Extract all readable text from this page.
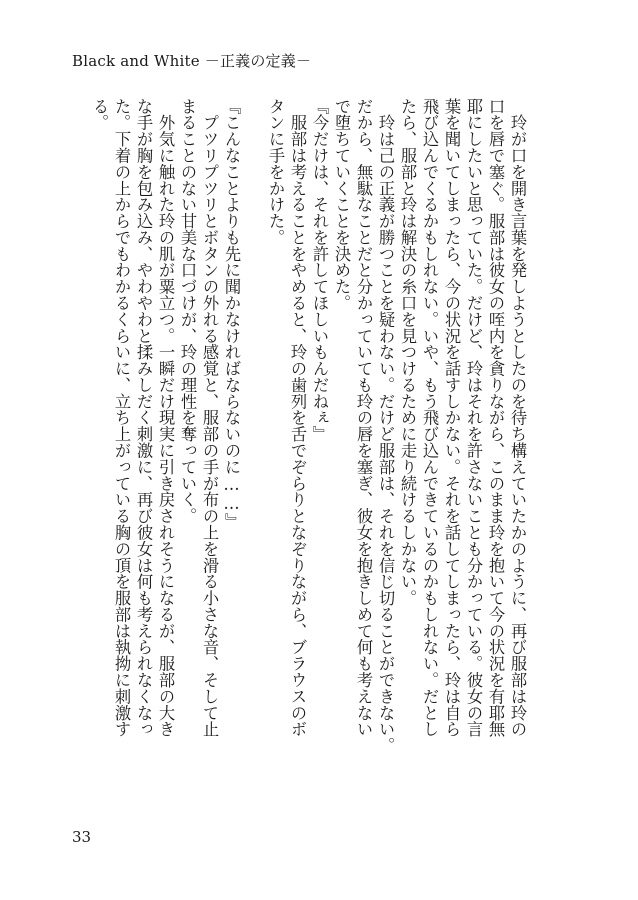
Black and White －正義の定義－
　玲が口を開き言葉を発しようとしたのを待ち構えていたかのように、再び服部は玲の
口を唇で塞ぐ。服部は彼女の咥内を貪りながら、このまま玲を抱いて今の状況を有耶無
耶にしたいと思っていた。だけど、玲はそれを許さないことも分かっている。彼女の言
葉を聞いてしまったら、今の状況を話すしかない。それを話してしまったら、玲は自ら
飛び込んでくるかもしれない。いや、もう飛び込んできているのかもしれない。だとし
たら、服部と玲は解決の糸口を見つけるために走り続けるしかない。
　玲は己の正義が勝つことを疑わない。だけど服部は、それを信じ切ることができない。
だから、無駄なことだと分かっていても玲の唇を塞ぎ、彼女を抱きしめて何も考えない
で堕ちていくことを決めた。
『今だけは、それを許してほしいもんだねぇ』
　服部は考えることをやめると、玲の歯列を舌でぞらりとなぞりながら、ブラウスのボ
タンに手をかけた。
『こんなことよりも先に聞かなければならないのに……』
　プツリプツリとボタンの外れる感覚と、服部の手が布の上を滑る小さな音、そして止
まることのない甘美な口づけが、玲の理性を奪っていく。
　外気に触れた玲の肌が粟立つ。一瞬だけ現実に引き戻されそうになるが、服部の大き
な手が胸を包み込み、やわやわと揉みしだく刺激に、再び彼女は何も考えられなくなっ
た。下着の上からでもわかるくらいに、立ち上がっている胸の頂を服部は執拗に刺激す
る。
33
